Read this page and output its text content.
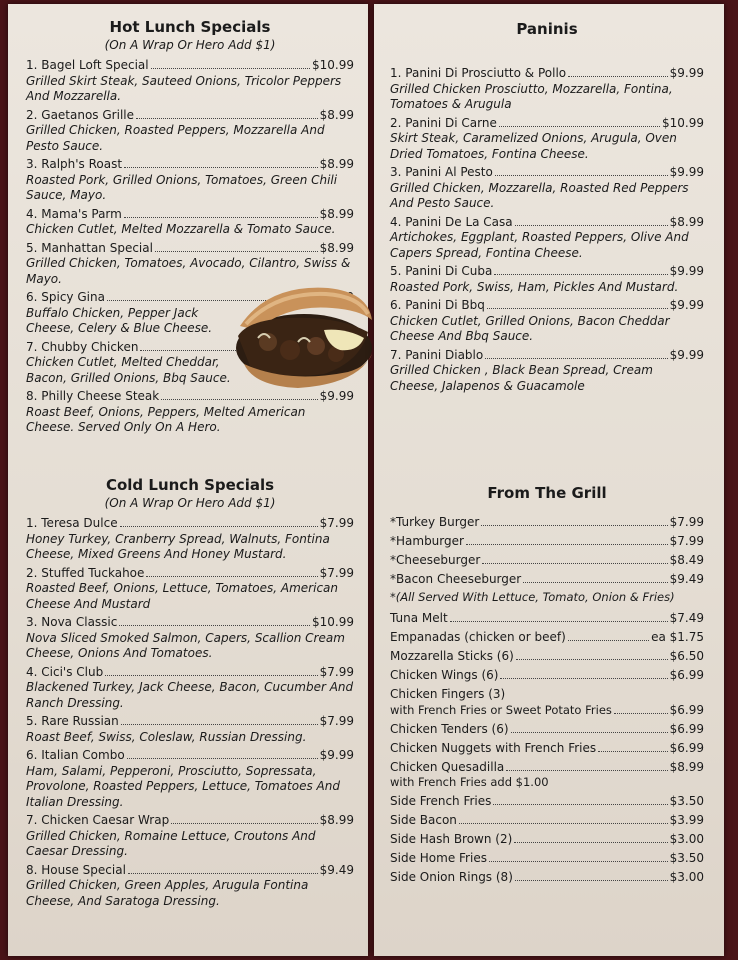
Hot Lunch Specials
(On A Wrap Or Hero Add $1)
1. Bagel Loft Special	$10.99
Grilled Skirt Steak, Sauteed Onions, Tricolor Peppers And Mozzarella.
2. Gaetanos Grille	$8.99
Grilled Chicken, Roasted Peppers, Mozzarella And Pesto Sauce.
3. Ralph's Roast	$8.99
Roasted Pork, Grilled Onions, Tomatoes, Green Chili Sauce, Mayo.
4. Mama's Parm	$8.99
Chicken Cutlet, Melted Mozzarella & Tomato Sauce.
5. Manhattan Special	$8.99
Grilled Chicken, Tomatoes, Avocado, Cilantro, Swiss & Mayo.
6. Spicy Gina
Buffalo Chicken, Pepper Jack Cheese, Celery & Blue Cheese.
7. Chubby Chicken
Chicken Cutlet, Melted Cheddar, Bacon, Grilled Onions, Bbq Sauce.
8. Philly Cheese Steak	$9.99
Roast Beef, Onions, Peppers, Melted American Cheese. Served Only On A Hero.
Cold Lunch Specials
(On A Wrap Or Hero Add $1)
1. Teresa Dulce	$7.99
Honey Turkey, Cranberry Spread, Walnuts, Fontina Cheese, Mixed Greens And Honey Mustard.
2. Stuffed Tuckahoe	$7.99
Roasted Beef, Onions, Lettuce, Tomatoes, American Cheese And Mustard
3. Nova Classic	$10.99
Nova Sliced Smoked Salmon, Capers, Scallion Cream Cheese, Onions And Tomatoes.
4. Cici's Club	$7.99
Blackened Turkey, Jack Cheese, Bacon, Cucumber And Ranch Dressing.
5. Rare Russian	$7.99
Roast Beef, Swiss, Coleslaw, Russian Dressing.
6. Italian Combo	$9.99
Ham, Salami, Pepperoni, Prosciutto, Sopressata, Provolone, Roasted Peppers, Lettuce, Tomatoes And Italian Dressing.
7. Chicken Caesar Wrap	$8.99
Grilled Chicken, Romaine Lettuce, Croutons And Caesar Dressing.
8. House Special	$9.49
Grilled Chicken, Green Apples, Arugula Fontina Cheese, And Saratoga Dressing.
Paninis
1. Panini Di Prosciutto & Pollo	$9.99
Grilled Chicken Prosciutto, Mozzarella, Fontina, Tomatoes & Arugula
2. Panini Di Carne	$10.99
Skirt Steak, Caramelized Onions, Arugula, Oven Dried Tomatoes, Fontina Cheese.
3. Panini Al Pesto	$9.99
Grilled Chicken, Mozzarella, Roasted Red Peppers And Pesto Sauce.
4. Panini De La Casa	$8.99
Artichokes, Eggplant, Roasted Peppers, Olive And Capers Spread, Fontina Cheese.
5. Panini Di Cuba	$9.99
Roasted Pork, Swiss, Ham, Pickles And Mustard.
6. Panini Di Bbq	$9.99
Chicken Cutlet, Grilled Onions, Bacon Cheddar Cheese And Bbq Sauce.
7. Panini Diablo	$9.99
Grilled Chicken , Black Bean Spread, Cream Cheese, Jalapenos & Guacamole
From The Grill
*Turkey Burger	$7.99
*Hamburger	$7.99
*Cheeseburger	$8.49
*Bacon Cheeseburger	$9.49
*(All Served With Lettuce, Tomato, Onion & Fries)
Tuna Melt	$7.49
Empanadas (chicken or beef)	ea $1.75
Mozzarella Sticks (6)	$6.50
Chicken Wings (6)	$6.99
Chicken Fingers (3)
with French Fries or Sweet Potato Fries	$6.99
Chicken Tenders (6)	$6.99
Chicken Nuggets with French Fries	$6.99
Chicken Quesadilla	$8.99
with French Fries add $1.00
Side French Fries	$3.50
Side Bacon	$3.99
Side Hash Brown (2)	$3.00
Side Home Fries	$3.50
Side Onion Rings (8)	$3.00
